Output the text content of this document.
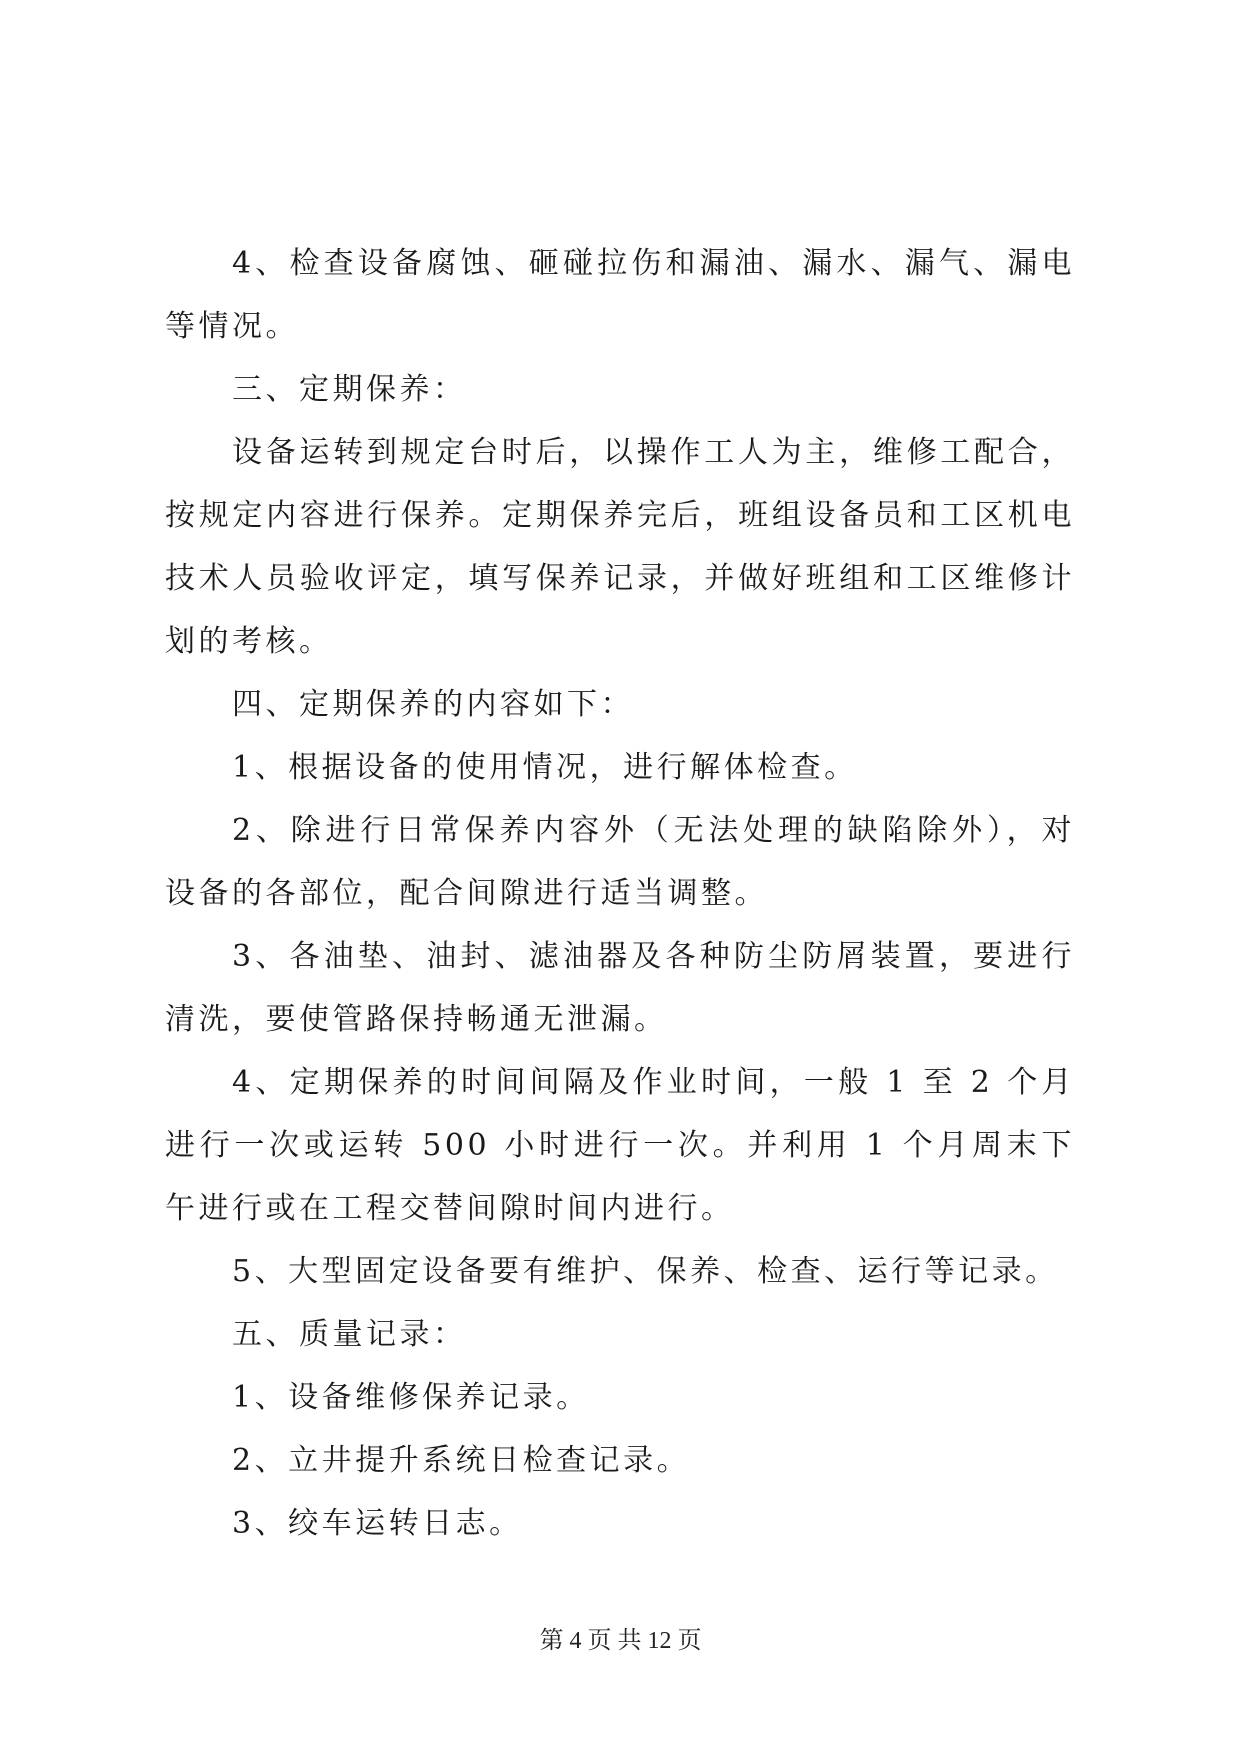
4、检查设备腐蚀、砸碰拉伤和漏油、漏水、漏气、漏电等情况。

三、定期保养：

设备运转到规定台时后，以操作工人为主，维修工配合，按规定内容进行保养。定期保养完后，班组设备员和工区机电技术人员验收评定，填写保养记录，并做好班组和工区维修计划的考核。

四、定期保养的内容如下：

1、根据设备的使用情况，进行解体检查。

2、除进行日常保养内容外（无法处理的缺陷除外），对设备的各部位，配合间隙进行适当调整。

3、各油垫、油封、滤油器及各种防尘防屑装置，要进行清洗，要使管路保持畅通无泄漏。

4、定期保养的时间间隔及作业时间，一般 1 至 2 个月进行一次或运转 500 小时进行一次。并利用 1 个月周末下午进行或在工程交替间隙时间内进行。

5、大型固定设备要有维护、保养、检查、运行等记录。

五、质量记录：

1、设备维修保养记录。

2、立井提升系统日检查记录。

3、绞车运转日志。

第 4 页 共 12 页
